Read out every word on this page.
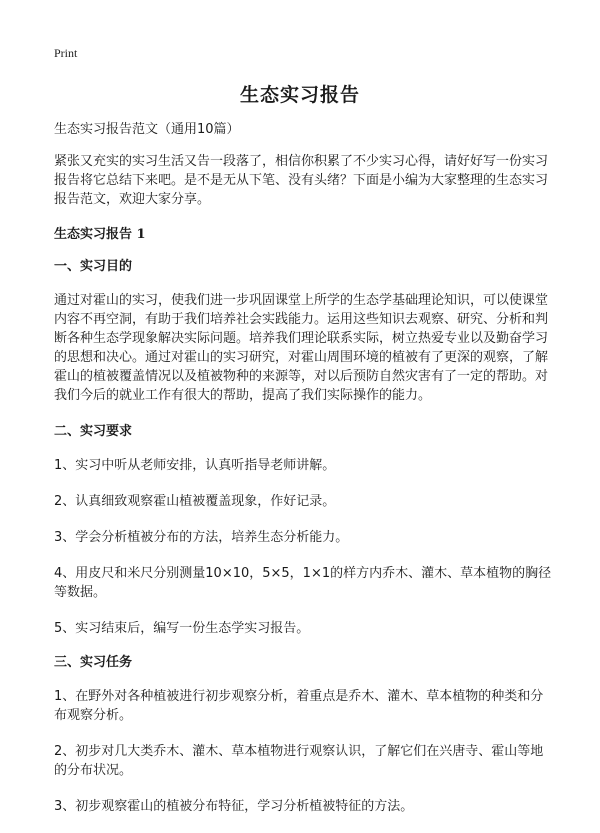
Print
生态实习报告

生态实习报告范文（通用10篇）

紧张又充实的实习生活又告一段落了，相信你积累了不少实习心得，请好好写一份实习报告将它总结下来吧。是不是无从下笔、没有头绪？下面是小编为大家整理的生态实习报告范文，欢迎大家分享。

生态实习报告 1

一、实习目的

通过对霍山的实习，使我们进一步巩固课堂上所学的生态学基础理论知识，可以使课堂内容不再空洞，有助于我们培养社会实践能力。运用这些知识去观察、研究、分析和判断各种生态学现象解决实际问题。培养我们理论联系实际，树立热爱专业以及勤奋学习的思想和决心。通过对霍山的实习研究，对霍山周围环境的植被有了更深的观察，了解霍山的植被覆盖情况以及植被物种的来源等，对以后预防自然灾害有了一定的帮助。对我们今后的就业工作有很大的帮助，提高了我们实际操作的能力。

二、实习要求

1、实习中听从老师安排，认真听指导老师讲解。

2、认真细致观察霍山植被覆盖现象，作好记录。

3、学会分析植被分布的方法，培养生态分析能力。

4、用皮尺和米尺分别测量10×10，5×5，1×1的样方内乔木、灌木、草本植物的胸径等数据。

5、实习结束后，编写一份生态学实习报告。

三、实习任务

1、在野外对各种植被进行初步观察分析，着重点是乔木、灌木、草本植物的种类和分布观察分析。

2、初步对几大类乔木、灌木、草本植物进行观察认识，了解它们在兴唐寺、霍山等地的分布状况。

3、初步观察霍山的植被分布特征，学习分析植被特征的方法。
